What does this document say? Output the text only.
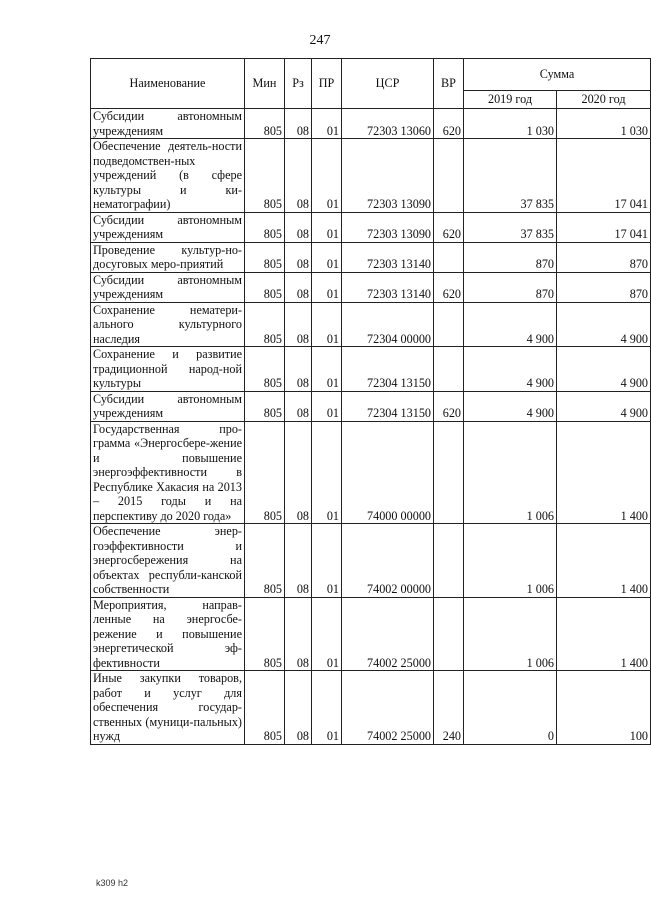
247
Наименование	Мин	Рз	ПР	ЦСР	ВР	Сумма	
						2019 год	2020 год
Субсидии автономным учреждениям	805	08	01	72303 13060	620	1 030	1 030
Обеспечение деятель-ности подведомствен-ных учреждений (в сфере культуры и ки-нематографии)	805	08	01	72303 13090		37 835	17 041
Субсидии автономным учреждениям	805	08	01	72303 13090	620	37 835	17 041
Проведение культур-но-досуговых меро-приятий	805	08	01	72303 13140		870	870
Субсидии автономным учреждениям	805	08	01	72303 13140	620	870	870
Сохранение нематери-ального культурного наследия	805	08	01	72304 00000		4 900	4 900
Сохранение и развитие традиционной народ-ной культуры	805	08	01	72304 13150		4 900	4 900
Субсидии автономным учреждениям	805	08	01	72304 13150	620	4 900	4 900
Государственная про-грамма «Энергосбере-жение и повышение энергоэффективности в Республике Хакасия на 2013 – 2015 годы и на перспективу до 2020 года»	805	08	01	74000 00000		1 006	1 400
Обеспечение энер-гоэффективности и энергосбережения на объектах республи-канской собственности	805	08	01	74002 00000		1 006	1 400
Мероприятия, направ-ленные на энергосбе-режение и повышение энергетической эф-фективности	805	08	01	74002 25000		1 006	1 400
Иные закупки товаров, работ и услуг для обеспечения государ-ственных (муници-пальных) нужд	805	08	01	74002 25000	240	0	100
k309 h2
